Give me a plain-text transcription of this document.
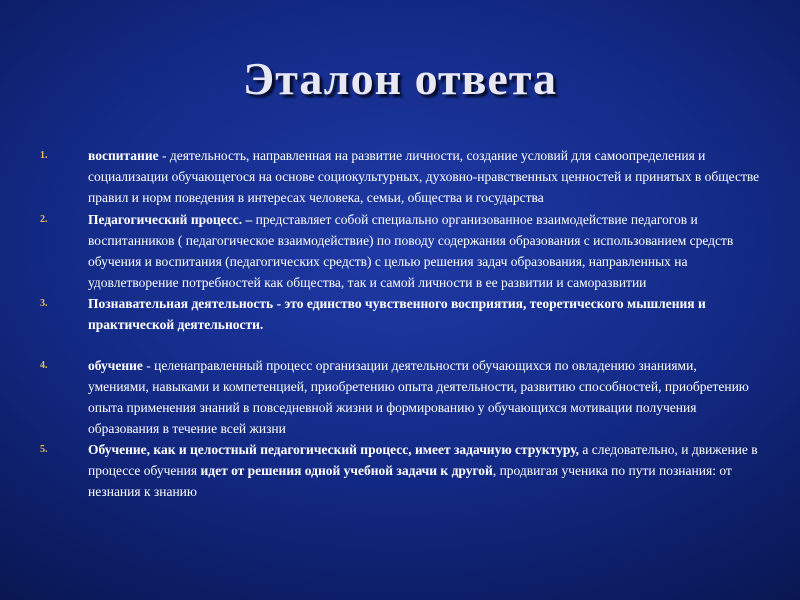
Эталон ответа
1.	воспитание - деятельность, направленная на развитие личности, создание условий для самоопределения и социализации обучающегося на основе социокультурных, духовно-нравственных ценностей и принятых в обществе правил и норм поведения в интересах человека, семьи, общества и государства
2.	Педагогический процесс. – представляет собой специально организованное взаимодействие педагогов и воспитанников ( педагогическое взаимодействие) по поводу содержания образования с использованием средств обучения и воспитания (педагогических средств) с целью решения задач образования, направленных на удовлетворение потребностей как общества, так и самой личности в ее развитии и саморазвитии
3.	Познавательная деятельность - это единство чувственного восприятия, теоретического мышления и практической деятельности.
4.	обучение - целенаправленный процесс организации деятельности обучающихся по овладению знаниями, умениями, навыками и компетенцией, приобретению опыта деятельности, развитию способностей, приобретению опыта применения знаний в повседневной жизни и формированию у обучающихся мотивации получения образования в течение всей жизни
5.	Обучение, как и целостный педагогический процесс, имеет задачную структуру, а следовательно, и движение в процессе обучения идет от решения одной учебной задачи к другой, продвигая ученика по пути познания: от незнания к знанию
